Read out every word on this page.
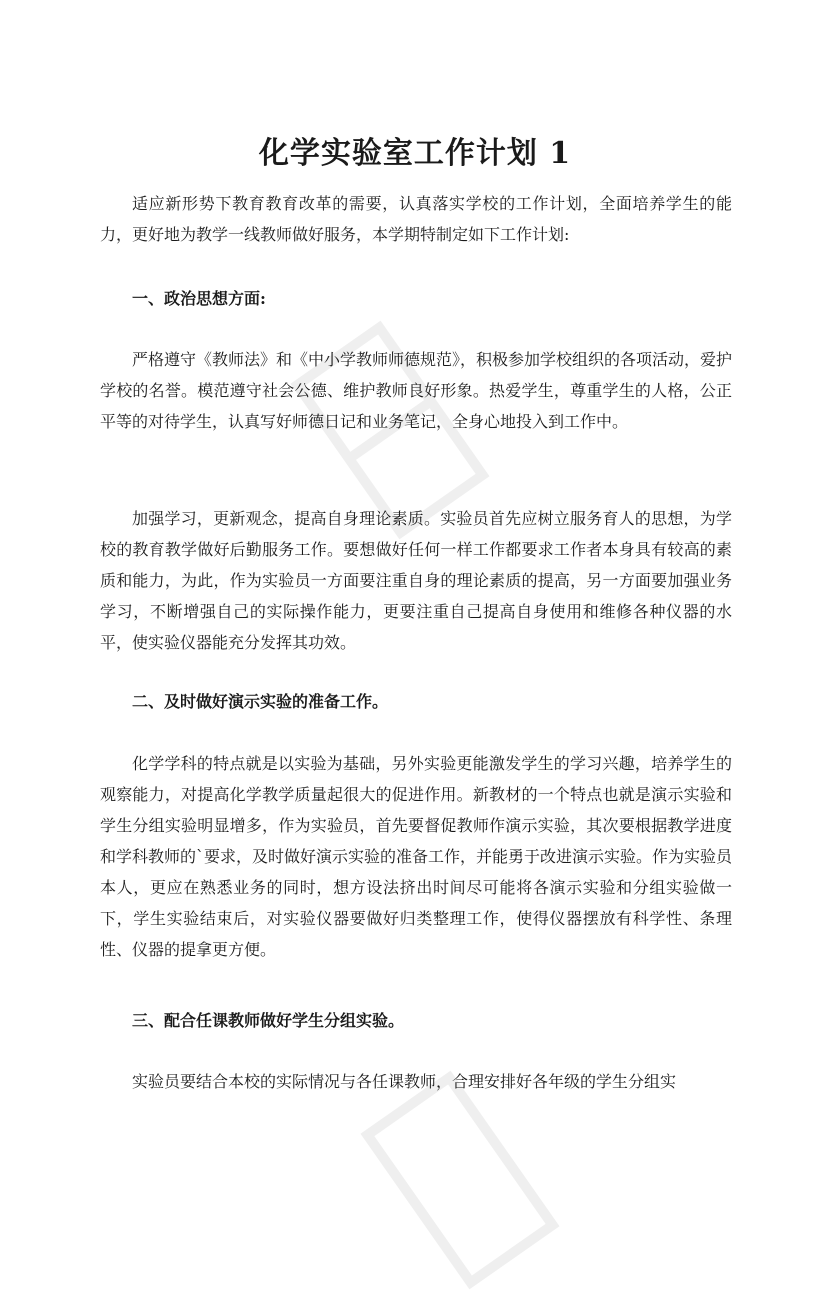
化学实验室工作计划 1

适应新形势下教育教育改革的需要，认真落实学校的工作计划，全面培养学生的能力，更好地为教学一线教师做好服务，本学期特制定如下工作计划:

一、政治思想方面:

严格遵守《教师法》和《中小学教师师德规范》，积极参加学校组织的各项活动，爱护学校的名誉。模范遵守社会公德、维护教师良好形象。热爱学生，尊重学生的人格，公正平等的对待学生，认真写好师德日记和业务笔记，全身心地投入到工作中。

加强学习，更新观念，提高自身理论素质。实验员首先应树立服务育人的思想，为学校的教育教学做好后勤服务工作。要想做好任何一样工作都要求工作者本身具有较高的素质和能力，为此，作为实验员一方面要注重自身的理论素质的提高，另一方面要加强业务学习，不断增强自己的实际操作能力，更要注重自己提高自身使用和维修各种仪器的水平，使实验仪器能充分发挥其功效。

二、及时做好演示实验的准备工作。

化学学科的特点就是以实验为基础，另外实验更能激发学生的学习兴趣，培养学生的观察能力，对提高化学教学质量起很大的促进作用。新教材的一个特点也就是演示实验和学生分组实验明显增多，作为实验员，首先要督促教师作演示实验，其次要根据教学进度和学科教师的`要求，及时做好演示实验的准备工作，并能勇于改进演示实验。作为实验员本人，更应在熟悉业务的同时，想方设法挤出时间尽可能将各演示实验和分组实验做一下，学生实验结束后，对实验仪器要做好归类整理工作，使得仪器摆放有科学性、条理性、仪器的提拿更方便。

三、配合任课教师做好学生分组实验。

实验员要结合本校的实际情况与各任课教师，合理安排好各年级的学生分组实
